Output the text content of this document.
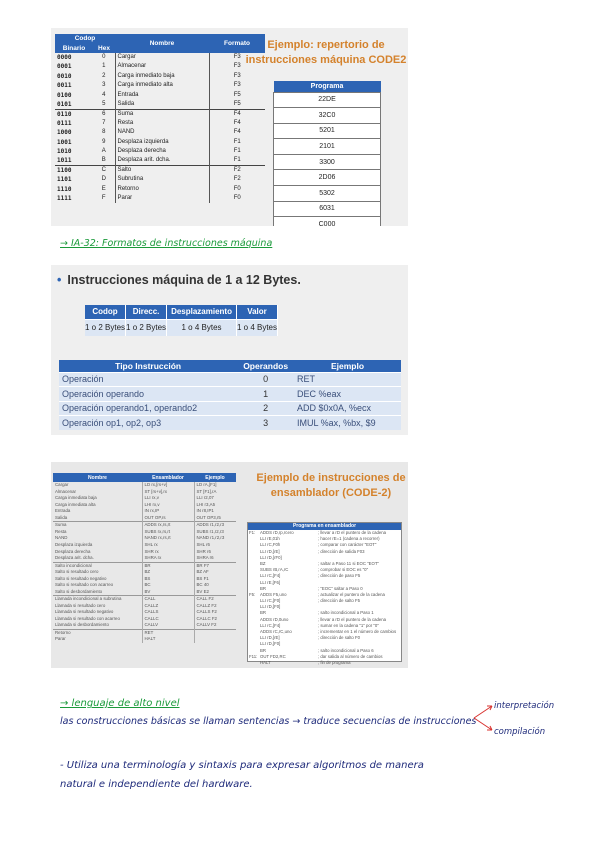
Codop		Nombre	Formato
Binario	Hex		
0000	0	Cargar	F3
0001	1	Almacenar	F3
0010	2	Carga inmediato baja	F3
0011	3	Carga inmediato alta	F3
0100	4	Entrada	F5
0101	5	Salida	F5
0110	6	Suma	F4
0111	7	Resta	F4
1000	8	NAND	F4
1001	9	Desplaza izquierda	F1
1010	A	Desplaza derecha	F1
1011	B	Desplaza arit. dcha.	F1
1100	C	Salto	F2
1101	D	Subrutina	F2
1110	E	Retorno	F0
1111	F	Parar	F0
Ejemplo: repertorio de instrucciones máquina CODE2
Programa
22DE
32C0
5201
2101
3300
2D06
5302
6031
C000
→ IA-32: Formatos de instrucciones máquina
• Instrucciones máquina de 1 a 12 Bytes.
Codop	Direcc.	Desplazamiento	Valor
1 o 2 Bytes	1 o 2 Bytes	1 o 4 Bytes	1 o 4 Bytes
Tipo Instrucción	Operandos	Ejemplo
Operación	0	RET
Operación operando	1	DEC %eax
Operación operando1, operando2	2	ADD $0x0A, %ecx
Operación op1, op2, op3	3	IMUL %ax, %bx, $9
Nombre	Ensamblador	Ejemplo
Cargar	LD rx,[rs+v]	LD rA,[F1]
Almacenar	ST [rs+v],rx	ST [F1],rA
Carga inmediata baja	LLI rx,v	LLI r2,07
Carga inmediata alta	LHI rx,v	LHI r3,A5
Entrada	IN rx,IP	IN r8,IP1
Salida	OUT OP,rs	OUT OP3,r5
Suma	ADDS rx,rs,rt	ADDS r1,r2,r3
Resta	SUBS rx,rs,rt	SUBS r1,r2,r3
NAND	NAND rx,rs,rt	NAND r1,r2,r3
Desplaza izquierda	SHL rx	SHL r6
Desplaza derecha	SHR rx	SHR r6
Desplaza arit. dcha.	SHRA rx	SHRA r6
Salto incondicional	BR	BR F7
Salto si resultado cero	BZ	BZ AF
Salto si resultado negativo	BS	BS F1
Salto si resultado con acarreo	BC	BC 40
Salto si desbordamiento	BV	BV E2
Llamada incondicional a subrutina	CALL	CALL F2
Llamada si resultado cero	CALLZ	CALLZ F2
Llamada si resultado negativo	CALLS	CALLS F2
Llamada si resultado con acarreo	CALLC	CALLC F2
Llamada si desbordamiento	CALLV	CALLV F2
Retorno	RET	
Parar	HALT	
Ejemplo de instrucciones de ensamblador (CODE-2)
Programa en ensamblador
F1:	ADDS rD,rp,rcero	; llevar a rD el puntero de la cadena
LLI rE,01h	; hacer rE=1 (cadena a recorrer)
LLI rC,F0h	; comparar con carácter "EOT"
LLI rD,[rE]	; dirección de salida F03
LLI rD,[rF0]
BZ	; saltar a Paso 11 si EOC "EOT"
SUBS rB,rA,rC	; comprobar si EOC es "0"
LLI rC,[F4]	; dirección de paso F5
LLI rE,[F6]
BR	; "EOC" saltar a Paso 0
F5:	ADDS F5,uno	; actualizar el puntero de la cadena
LLI rC,[F0]	; dirección de salto F5
LLI rD,[F0]
BR	; salto incondicional a Paso 1
ADDS rD,0uno	; llevar a rD el puntero de la cadena
LLI rC,[F4]	; sumar en la cadena "1" por "0"
ADDS rC,rC,uno	; incrementar en 1 el número de cambios
LLI rD,[rE]	; dirección de salto F0
LLI rD,[F0]
BR	; salto incondicional a Paso 6
F11: OUT FD2,RC	; dar salida al número de cambios
HALT	; fin de programa
→ lenguaje de alto nivel
las construcciones básicas se llaman sentencias → traduce secuencias de instrucciones
interpretación
compilación
- Utiliza una terminología y sintaxis para expresar algoritmos de manera
natural e independiente del hardware.
